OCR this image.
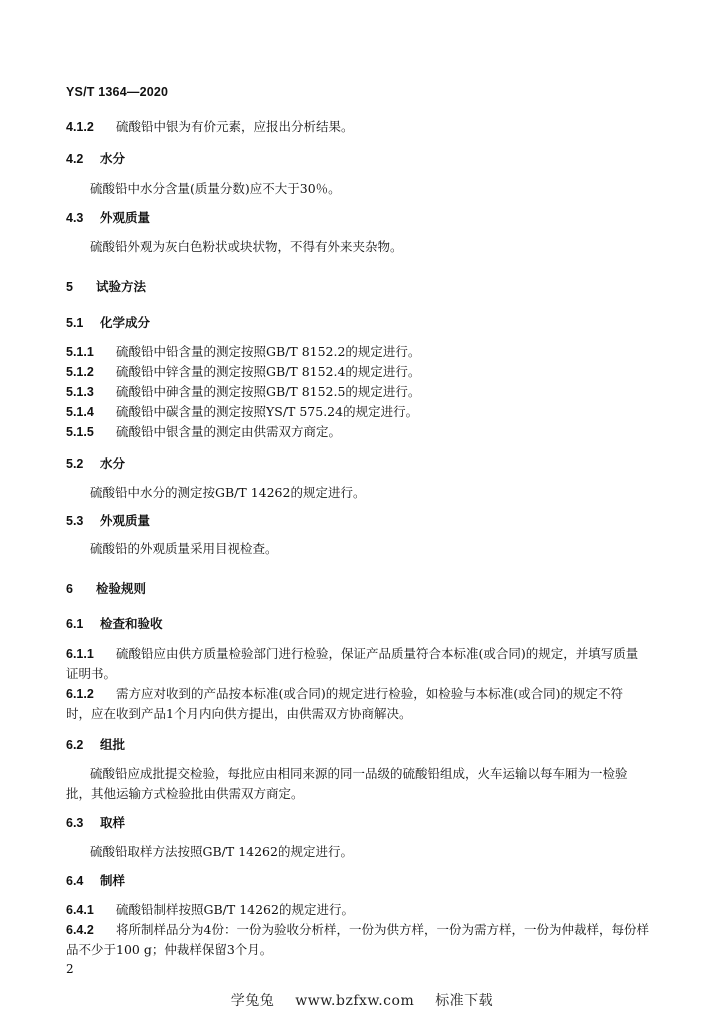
YS/T 1364—2020
4.1.2 硫酸铅中银为有价元素，应报出分析结果。
4.2 水分
硫酸铅中水分含量(质量分数)应不大于30％。
4.3 外观质量
硫酸铅外观为灰白色粉状或块状物，不得有外来夹杂物。
5 试验方法
5.1 化学成分
5.1.1 硫酸铅中铅含量的测定按照GB/T 8152.2的规定进行。
5.1.2 硫酸铅中锌含量的测定按照GB/T 8152.4的规定进行。
5.1.3 硫酸铅中砷含量的测定按照GB/T 8152.5的规定进行。
5.1.4 硫酸铅中碳含量的测定按照YS/T 575.24的规定进行。
5.1.5 硫酸铅中银含量的测定由供需双方商定。
5.2 水分
硫酸铅中水分的测定按GB/T 14262的规定进行。
5.3 外观质量
硫酸铅的外观质量采用目视检查。
6 检验规则
6.1 检查和验收
6.1.1 硫酸铅应由供方质量检验部门进行检验，保证产品质量符合本标准(或合同)的规定，并填写质量
证明书。
6.1.2 需方应对收到的产品按本标准(或合同)的规定进行检验，如检验与本标准(或合同)的规定不符
时，应在收到产品1个月内向供方提出，由供需双方协商解决。
6.2 组批
硫酸铅应成批提交检验，每批应由相同来源的同一品级的硫酸铅组成，火车运输以每车厢为一检验
批，其他运输方式检验批由供需双方商定。
6.3 取样
硫酸铅取样方法按照GB/T 14262的规定进行。
6.4 制样
6.4.1 硫酸铅制样按照GB/T 14262的规定进行。
6.4.2 将所制样品分为4份：一份为验收分析样，一份为供方样，一份为需方样，一份为仲裁样，每份样
品不少于100 g；仲裁样保留3个月。
2
学兔兔 www.bzfxw.com 标准下载
